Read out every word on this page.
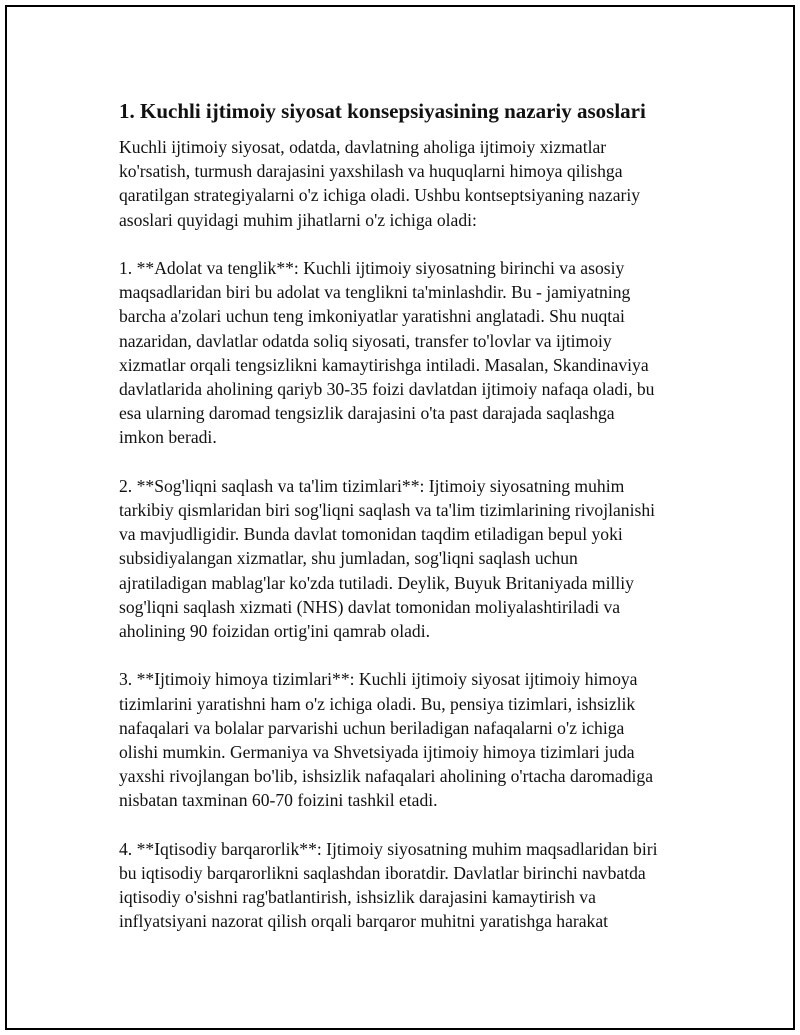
1. Kuchli ijtimoiy siyosat konsepsiyasining nazariy asoslari
Kuchli ijtimoiy siyosat, odatda, davlatning aholiga ijtimoiy xizmatlar
ko'rsatish, turmush darajasini yaxshilash va huquqlarni himoya qilishga
qaratilgan strategiyalarni o'z ichiga oladi. Ushbu kontseptsiyaning nazariy
asoslari quyidagi muhim jihatlarni o'z ichiga oladi:
1. **Adolat va tenglik**: Kuchli ijtimoiy siyosatning birinchi va asosiy
maqsadlaridan biri bu adolat va tenglikni ta'minlashdir. Bu - jamiyatning
barcha a'zolari uchun teng imkoniyatlar yaratishni anglatadi. Shu nuqtai
nazaridan, davlatlar odatda soliq siyosati, transfer to'lovlar va ijtimoiy
xizmatlar orqali tengsizlikni kamaytirishga intiladi. Masalan, Skandinaviya
davlatlarida aholining qariyb 30-35 foizi davlatdan ijtimoiy nafaqa oladi, bu
esa ularning daromad tengsizlik darajasini o'ta past darajada saqlashga
imkon beradi.
2. **Sog'liqni saqlash va ta'lim tizimlari**: Ijtimoiy siyosatning muhim
tarkibiy qismlaridan biri sog'liqni saqlash va ta'lim tizimlarining rivojlanishi
va mavjudligidir. Bunda davlat tomonidan taqdim etiladigan bepul yoki
subsidiyalangan xizmatlar, shu jumladan, sog'liqni saqlash uchun
ajratiladigan mablag'lar ko'zda tutiladi. Deylik, Buyuk Britaniyada milliy
sog'liqni saqlash xizmati (NHS) davlat tomonidan moliyalashtiriladi va
aholining 90 foizidan ortig'ini qamrab oladi.
3. **Ijtimoiy himoya tizimlari**: Kuchli ijtimoiy siyosat ijtimoiy himoya
tizimlarini yaratishni ham o'z ichiga oladi. Bu, pensiya tizimlari, ishsizlik
nafaqalari va bolalar parvarishi uchun beriladigan nafaqalarni o'z ichiga
olishi mumkin. Germaniya va Shvetsiyada ijtimoiy himoya tizimlari juda
yaxshi rivojlangan bo'lib, ishsizlik nafaqalari aholining o'rtacha daromadiga
nisbatan taxminan 60-70 foizini tashkil etadi.
4. **Iqtisodiy barqarorlik**: Ijtimoiy siyosatning muhim maqsadlaridan biri
bu iqtisodiy barqarorlikni saqlashdan iboratdir. Davlatlar birinchi navbatda
iqtisodiy o'sishni rag'batlantirish, ishsizlik darajasini kamaytirish va
inflyatsiyani nazorat qilish orqali barqaror muhitni yaratishga harakat
